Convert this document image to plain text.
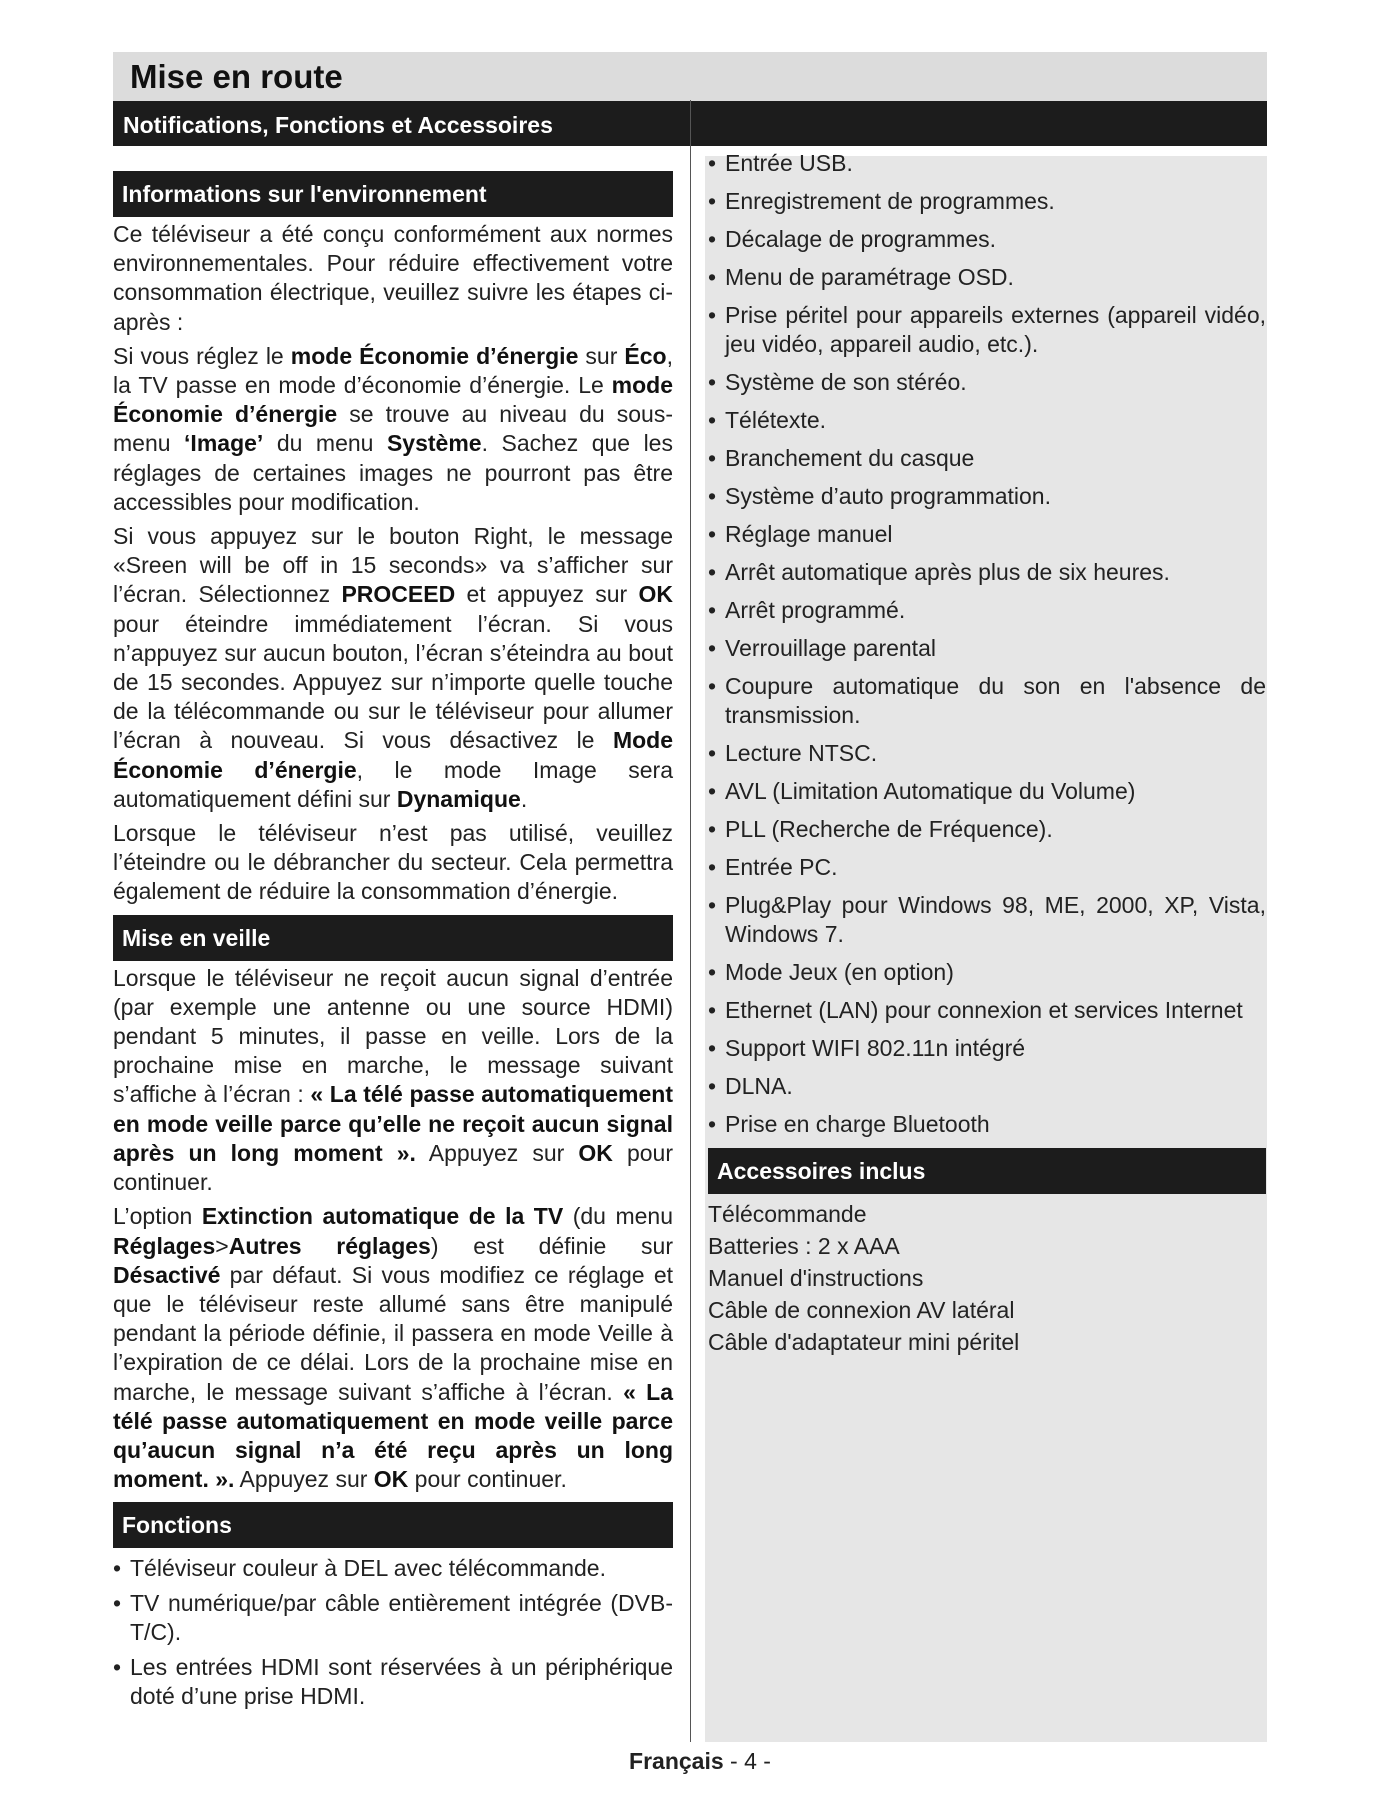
Mise en route
Notifications, Fonctions et Accessoires
Informations sur l'environnement

Ce téléviseur a été conçu conformément aux normes environnementales. Pour réduire effectivement votre consommation électrique, veuillez suivre les étapes ci-après :

Si vous réglez le mode Économie d’énergie sur Éco, la TV passe en mode d’économie d’énergie. Le mode Économie d’énergie se trouve au niveau du sous-menu ‘Image’ du menu Système. Sachez que les réglages de certaines images ne pourront pas être accessibles pour modification.

Si vous appuyez sur le bouton Right, le message «Sreen will be off in 15 seconds» va s’afficher sur l’écran. Sélectionnez PROCEED et appuyez sur OK pour éteindre immédiatement l’écran. Si vous n’appuyez sur aucun bouton, l’écran s’éteindra au bout de 15 secondes. Appuyez sur n’importe quelle touche de la télécommande ou sur le téléviseur pour allumer l’écran à nouveau. Si vous désactivez le Mode Économie d’énergie, le mode Image sera automatiquement défini sur Dynamique.

Lorsque le téléviseur n’est pas utilisé, veuillez l’éteindre ou le débrancher du secteur. Cela permettra également de réduire la consommation d’énergie.

Mise en veille

Lorsque le téléviseur ne reçoit aucun signal d’entrée (par exemple une antenne ou une source HDMI) pendant 5 minutes, il passe en veille. Lors de la prochaine mise en marche, le message suivant s’affiche à l’écran : « La télé passe automatiquement en mode veille parce qu’elle ne reçoit aucun signal après un long moment ». Appuyez sur OK pour continuer.

L’option Extinction automatique de la TV (du menu Réglages>Autres réglages) est définie sur Désactivé par défaut. Si vous modifiez ce réglage et que le téléviseur reste allumé sans être manipulé pendant la période définie, il passera en mode Veille à l’expiration de ce délai. Lors de la prochaine mise en marche, le message suivant s’affiche à l’écran. « La télé passe automatiquement en mode veille parce qu’aucun signal n’a été reçu après un long moment. ». Appuyez sur OK pour continuer.

Fonctions
• Téléviseur couleur à DEL avec télécommande.
• TV numérique/par câble entièrement intégrée (DVB-T/C).
• Les entrées HDMI sont réservées à un périphérique doté d’une prise HDMI.
• Entrée USB.
• Enregistrement de programmes.
• Décalage de programmes.
• Menu de paramétrage OSD.
• Prise péritel pour appareils externes (appareil vidéo, jeu vidéo, appareil audio, etc.).
• Système de son stéréo.
• Télétexte.
• Branchement du casque
• Système d’auto programmation.
• Réglage manuel
• Arrêt automatique après plus de six heures.
• Arrêt programmé.
• Verrouillage parental
• Coupure automatique du son en l'absence de transmission.
• Lecture NTSC.
• AVL (Limitation Automatique du Volume)
• PLL (Recherche de Fréquence).
• Entrée PC.
• Plug&Play pour Windows 98, ME, 2000, XP, Vista, Windows 7.
• Mode Jeux (en option)
• Ethernet (LAN) pour connexion et services Internet
• Support WIFI 802.11n intégré
• DLNA.
• Prise en charge Bluetooth
Accessoires inclus
Télécommande
Batteries : 2 x AAA
Manuel d'instructions
Câble de connexion AV latéral
Câble d'adaptateur mini péritel
Français - 4 -
